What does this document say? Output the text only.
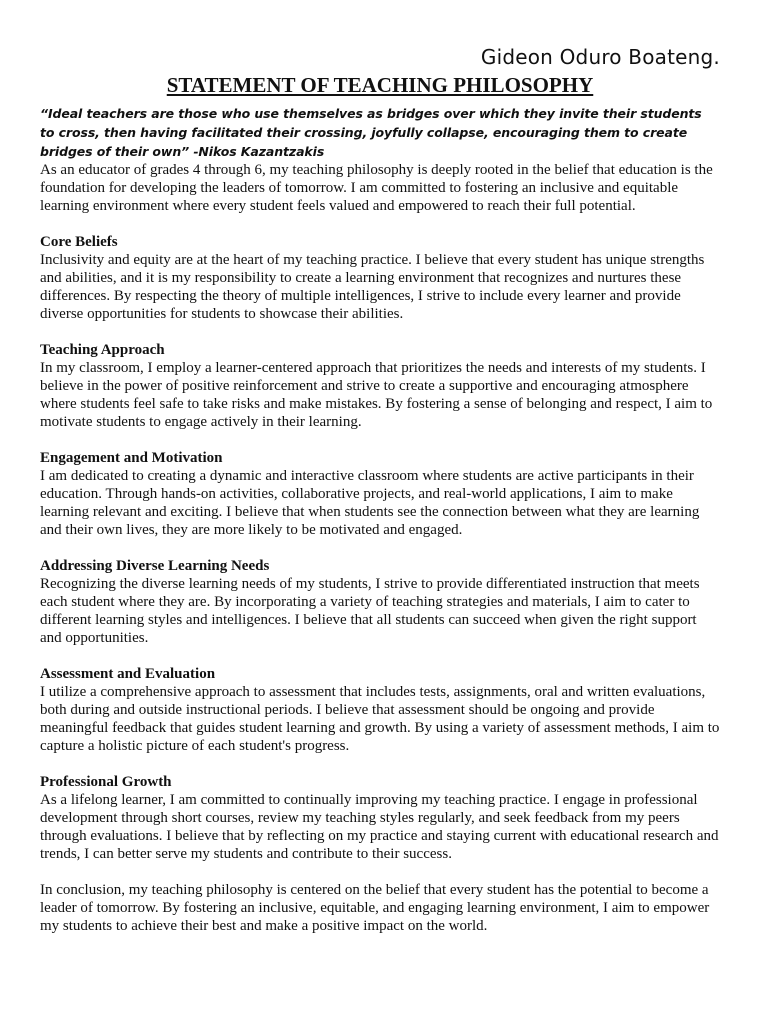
Gideon Oduro Boateng.

STATEMENT OF TEACHING PHILOSOPHY

“Ideal teachers are those who use themselves as bridges over which they invite their students to cross, then having facilitated their crossing, joyfully collapse, encouraging them to create bridges of their own” -Nikos Kazantzakis

As an educator of grades 4 through 6, my teaching philosophy is deeply rooted in the belief that education is the foundation for developing the leaders of tomorrow. I am committed to fostering an inclusive and equitable learning environment where every student feels valued and empowered to reach their full potential.

Core Beliefs

Inclusivity and equity are at the heart of my teaching practice. I believe that every student has unique strengths and abilities, and it is my responsibility to create a learning environment that recognizes and nurtures these differences. By respecting the theory of multiple intelligences, I strive to include every learner and provide diverse opportunities for students to showcase their abilities.

Teaching Approach

In my classroom, I employ a learner-centered approach that prioritizes the needs and interests of my students. I believe in the power of positive reinforcement and strive to create a supportive and encouraging atmosphere where students feel safe to take risks and make mistakes. By fostering a sense of belonging and respect, I aim to motivate students to engage actively in their learning.

Engagement and Motivation

I am dedicated to creating a dynamic and interactive classroom where students are active participants in their education. Through hands-on activities, collaborative projects, and real-world applications, I aim to make learning relevant and exciting. I believe that when students see the connection between what they are learning and their own lives, they are more likely to be motivated and engaged.

Addressing Diverse Learning Needs

Recognizing the diverse learning needs of my students, I strive to provide differentiated instruction that meets each student where they are. By incorporating a variety of teaching strategies and materials, I aim to cater to different learning styles and intelligences. I believe that all students can succeed when given the right support and opportunities.

Assessment and Evaluation

I utilize a comprehensive approach to assessment that includes tests, assignments, oral and written evaluations, both during and outside instructional periods. I believe that assessment should be ongoing and provide meaningful feedback that guides student learning and growth. By using a variety of assessment methods, I aim to capture a holistic picture of each student's progress.

Professional Growth

As a lifelong learner, I am committed to continually improving my teaching practice. I engage in professional development through short courses, review my teaching styles regularly, and seek feedback from my peers through evaluations. I believe that by reflecting on my practice and staying current with educational research and trends, I can better serve my students and contribute to their success.

In conclusion, my teaching philosophy is centered on the belief that every student has the potential to become a leader of tomorrow. By fostering an inclusive, equitable, and engaging learning environment, I aim to empower my students to achieve their best and make a positive impact on the world.
